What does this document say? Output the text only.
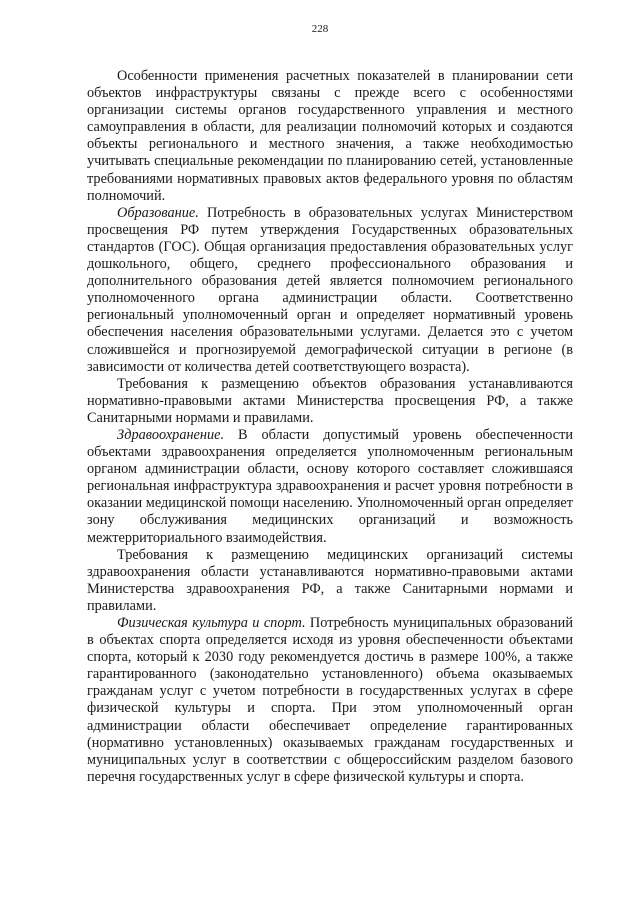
228

Особенности применения расчетных показателей в планировании сети объектов инфраструктуры связаны с прежде всего с особенностями организации системы органов государственного управления и местного самоуправления в области, для реализации полномочий которых и создаются объекты регионального и местного значения, а также необходимостью учитывать специальные рекомендации по планированию сетей, установленные требованиями нормативных правовых актов федерального уровня по областям полномочий.

Образование. Потребность в образовательных услугах Министерством просвещения РФ путем утверждения Государственных образовательных стандартов (ГОС). Общая организация предоставления образовательных услуг дошкольного, общего, среднего профессионального образования и дополнительного образования детей является полномочием регионального уполномоченного органа администрации области. Соответственно региональный уполномоченный орган и определяет нормативный уровень обеспечения населения образовательными услугами. Делается это с учетом сложившейся и прогнозируемой демографической ситуации в регионе (в зависимости от количества детей соответствующего возраста).

Требования к размещению объектов образования устанавливаются нормативно-правовыми актами Министерства просвещения РФ, а также Санитарными нормами и правилами.

Здравоохранение. В области допустимый уровень обеспеченности объектами здравоохранения определяется уполномоченным региональным органом администрации области, основу которого составляет сложившаяся региональная инфраструктура здравоохранения и расчет уровня потребности в оказании медицинской помощи населению. Уполномоченный орган определяет зону обслуживания медицинских организаций и возможность межтерриториального взаимодействия.

Требования к размещению медицинских организаций системы здравоохранения области устанавливаются нормативно-правовыми актами Министерства здравоохранения РФ, а также Санитарными нормами и правилами.

Физическая культура и спорт. Потребность муниципальных образований в объектах спорта определяется исходя из уровня обеспеченности объектами спорта, который к 2030 году рекомендуется достичь в размере 100%, а также гарантированного (законодательно установленного) объема оказываемых гражданам услуг с учетом потребности в государственных услугах в сфере физической культуры и спорта. При этом уполномоченный орган администрации области обеспечивает определение гарантированных (нормативно установленных) оказываемых гражданам государственных и муниципальных услуг в соответствии с общероссийским разделом базового перечня государственных услуг в сфере физической культуры и спорта.
